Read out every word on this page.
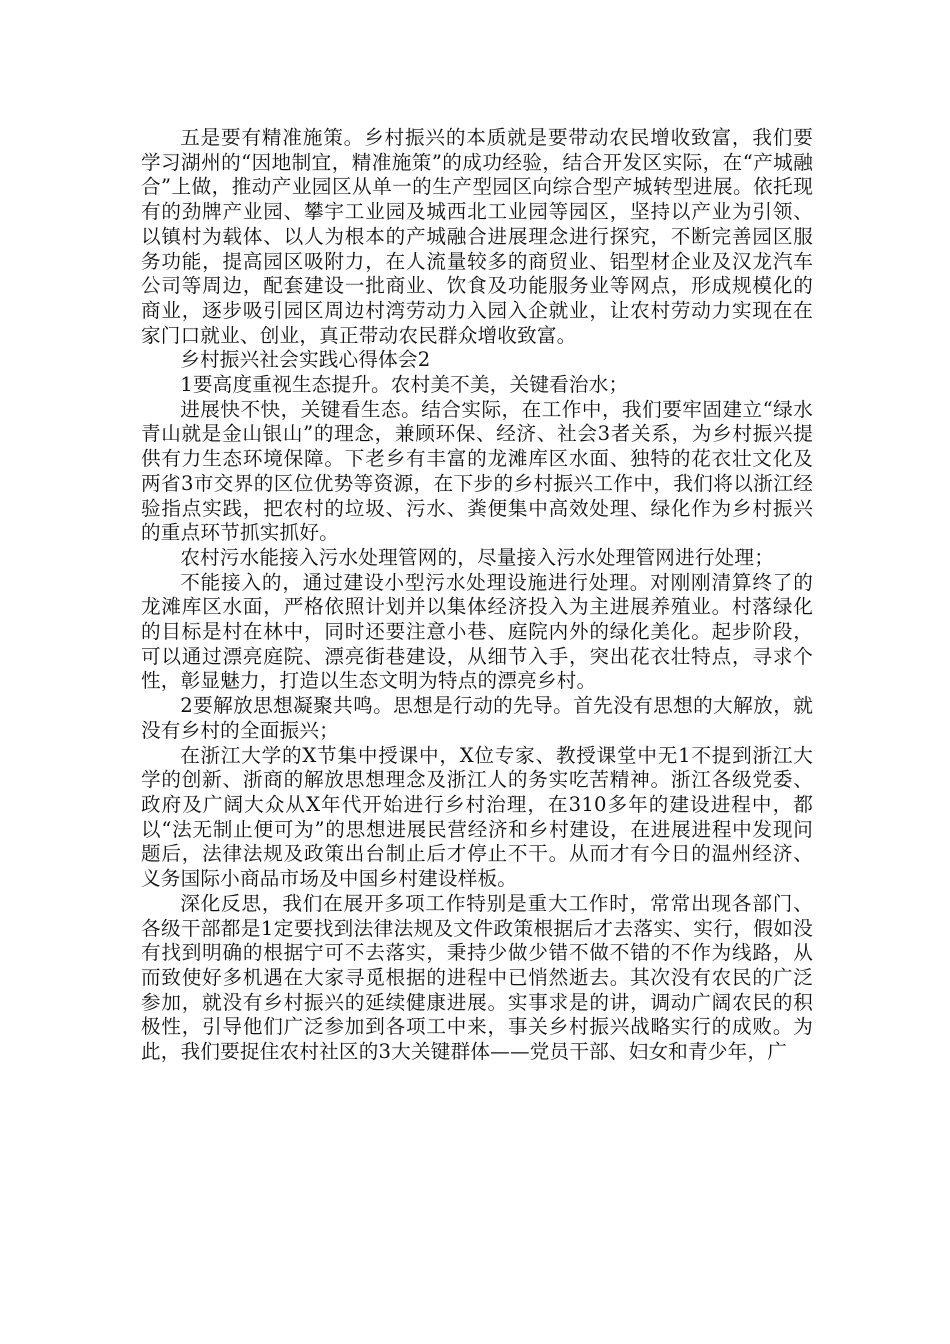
五是要有精准施策。乡村振兴的本质就是要带动农民增收致富，我们要学习湖州的“因地制宜，精准施策”的成功经验，结合开发区实际，在“产城融合”上做，推动产业园区从单一的生产型园区向综合型产城转型进展。依托现有的劲牌产业园、攀宇工业园及城西北工业园等园区，坚持以产业为引领、以镇村为载体、以人为根本的产城融合进展理念进行探究，不断完善园区服务功能，提高园区吸附力，在人流量较多的商贸业、铝型材企业及汉龙汽车公司等周边，配套建设一批商业、饮食及功能服务业等网点，形成规模化的商业，逐步吸引园区周边村湾劳动力入园入企就业，让农村劳动力实现在在家门口就业、创业，真正带动农民群众增收致富。

乡村振兴社会实践心得体会2

1要高度重视生态提升。农村美不美，关键看治水；

进展快不快，关键看生态。结合实际，在工作中，我们要牢固建立“绿水青山就是金山银山”的理念，兼顾环保、经济、社会3者关系，为乡村振兴提供有力生态环境保障。下老乡有丰富的龙滩库区水面、独特的花衣壮文化及两省3市交界的区位优势等资源，在下步的乡村振兴工作中，我们将以浙江经验指点实践，把农村的垃圾、污水、粪便集中高效处理、绿化作为乡村振兴的重点环节抓实抓好。

农村污水能接入污水处理管网的，尽量接入污水处理管网进行处理；

不能接入的，通过建设小型污水处理设施进行处理。对刚刚清算终了的龙滩库区水面，严格依照计划并以集体经济投入为主进展养殖业。村落绿化的目标是村在林中，同时还要注意小巷、庭院内外的绿化美化。起步阶段，可以通过漂亮庭院、漂亮街巷建设，从细节入手，突出花衣壮特点，寻求个性，彰显魅力，打造以生态文明为特点的漂亮乡村。

2要解放思想凝聚共鸣。思想是行动的先导。首先没有思想的大解放，就没有乡村的全面振兴；

在浙江大学的X节集中授课中，X位专家、教授课堂中无1不提到浙江大学的创新、浙商的解放思想理念及浙江人的务实吃苦精神。浙江各级党委、政府及广阔大众从X年代开始进行乡村治理，在310多年的建设进程中，都以“法无制止便可为”的思想进展民营经济和乡村建设，在进展进程中发现问题后，法律法规及政策出台制止后才停止不干。从而才有今日的温州经济、义务国际小商品市场及中国乡村建设样板。

深化反思，我们在展开多项工作特别是重大工作时，常常出现各部门、各级干部都是1定要找到法律法规及文件政策根据后才去落实、实行，假如没有找到明确的根据宁可不去落实，秉持少做少错不做不错的不作为线路，从而致使好多机遇在大家寻觅根据的进程中已悄然逝去。其次没有农民的广泛参加，就没有乡村振兴的延续健康进展。实事求是的讲，调动广阔农民的积极性，引导他们广泛参加到各项工中来，事关乡村振兴战略实行的成败。为此，我们要捉住农村社区的3大关键群体——党员干部、妇女和青少年，广
